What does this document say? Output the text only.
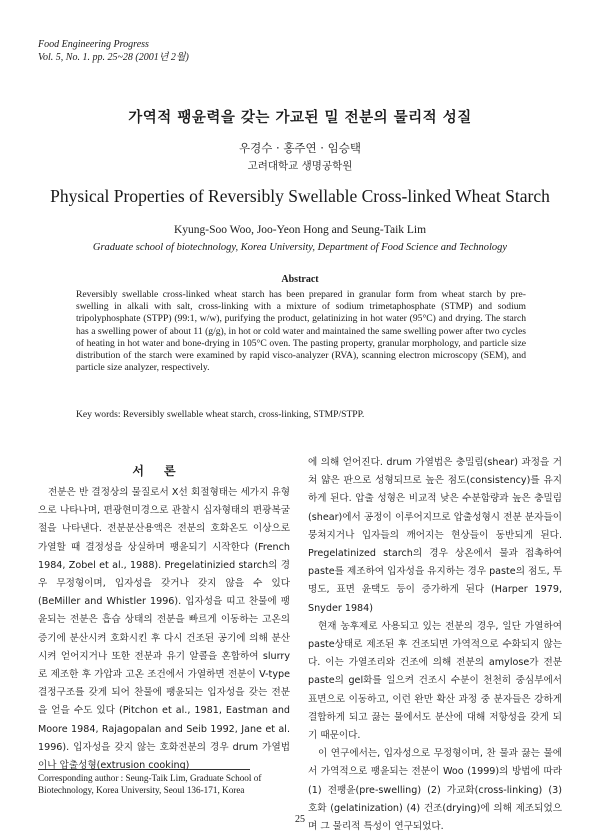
Food Engineering Progress
Vol. 5, No. 1. pp. 25~28 (2001년 2월)
가역적 팽윤력을 갖는 가교된 밀 전분의 물리적 성질
우경수 · 홍주연 · 임승택
고려대학교 생명공학원
Physical Properties of Reversibly Swellable Cross-linked Wheat Starch
Kyung-Soo Woo, Joo-Yeon Hong and Seung-Taik Lim
Graduate school of biotechnology, Korea University, Department of Food Science and Technology
Abstract
Reversibly swellable cross-linked wheat starch has been prepared in granular form from wheat starch by pre-swelling in alkali with salt, cross-linking with a mixture of sodium trimetaphosphate (STMP) and sodium tripolyphosphate (STPP) (99:1, w/w), purifying the product, gelatinizing in hot water (95°C) and drying. The starch has a swelling power of about 11 (g/g), in hot or cold water and maintained the same swelling power after two cycles of heating in hot water and bone-drying in 105°C oven. The pasting property, granular morphology, and particle size distribution of the starch were examined by rapid visco-analyzer (RVA), scanning electron microscopy (SEM), and particle size analyzer, respectively.
Key words: Reversibly swellable wheat starch, cross-linking, STMP/STPP.
서론

전분은 반 결정상의 물질로서 X선 회절형태는 세가지 유형으로 나타나며, 편광현미경으로 관찰시 십자형태의 편광복굴절을 나타낸다. 전분분산용액은 전분의 호화온도 이상으로 가열할 때 결정성을 상실하며 팽윤되기 시작한다 (French 1984, Zobel et al., 1988). Pregelatinizied starch의 경우 무정형이며, 입자성을 갖거나 갖지 않을 수 있다 (BeMiller and Whistler 1996). 입자성을 띠고 찬물에 팽윤되는 전분은 흡습 상태의 전분을 빠르게 이동하는 고온의 증기에 분산시켜 호화시킨 후 다시 건조된 공기에 의해 분산시켜 얻어지거나 또한 전분과 유기 알콜을 혼합하여 slurry로 제조한 후 가압과 고온 조건에서 가열하면 전분이 V-type 결정구조를 갖게 되어 찬물에 팽윤되는 입자성을 갖는 전분을 얻을 수도 있다 (Pitchon et al., 1981, Eastman and Moore 1984, Rajagopalan and Seib 1992, Jane et al. 1996). 입자성을 갖지 않는 호화전분의 경우 drum 가열법이나 압출성형(extrusion cooking)

에 의해 얻어진다. drum 가열법은 충밀림(shear) 과정을 거쳐 얇은 판으로 성형되므로 높은 점도(consistency)를 유지하게 된다. 압출 성형은 비교적 낮은 수분함량과 높은 충밀림(shear)에서 공정이 이루어지므로 압출성형시 전분 분자들이 뭉쳐지거나 입자들의 깨어지는 현상들이 동반되게 된다. Pregelatinized starch의 경우 상온에서 물과 접촉하여 paste를 제조하여 입자성을 유지하는 경우 paste의 점도, 투명도, 표면 윤택도 등이 증가하게 된다 (Harper 1979, Snyder 1984)

현재 농후제로 사용되고 있는 전분의 경우, 일단 가열하여 paste상태로 제조된 후 건조되면 가역적으로 수화되지 않는다. 이는 가열조리와 건조에 의해 전분의 amylose가 전분 paste의 gel화를 일으켜 건조시 수분이 천천히 중심부에서 표면으로 이동하고, 이런 완만 확산 과정 중 분자들은 강하게 결합하게 되고 끓는 물에서도 분산에 대해 저항성을 갖게 되기 때문이다.

이 연구에서는, 입자성으로 무정형이며, 찬 물과 끓는 물에서 가역적으로 팽윤되는 전분이 Woo (1999)의 방법에 따라 (1) 전팽윤(pre-swelling) (2) 가교화(cross-linking) (3) 호화 (gelatinization) (4) 건조(drying)에 의해 제조되었으며 그 물리적 특성이 연구되었다.

Corresponding author : Seung-Taik Lim, Graduate School of Biotechnology, Korea University, Seoul 136-171, Korea
25
